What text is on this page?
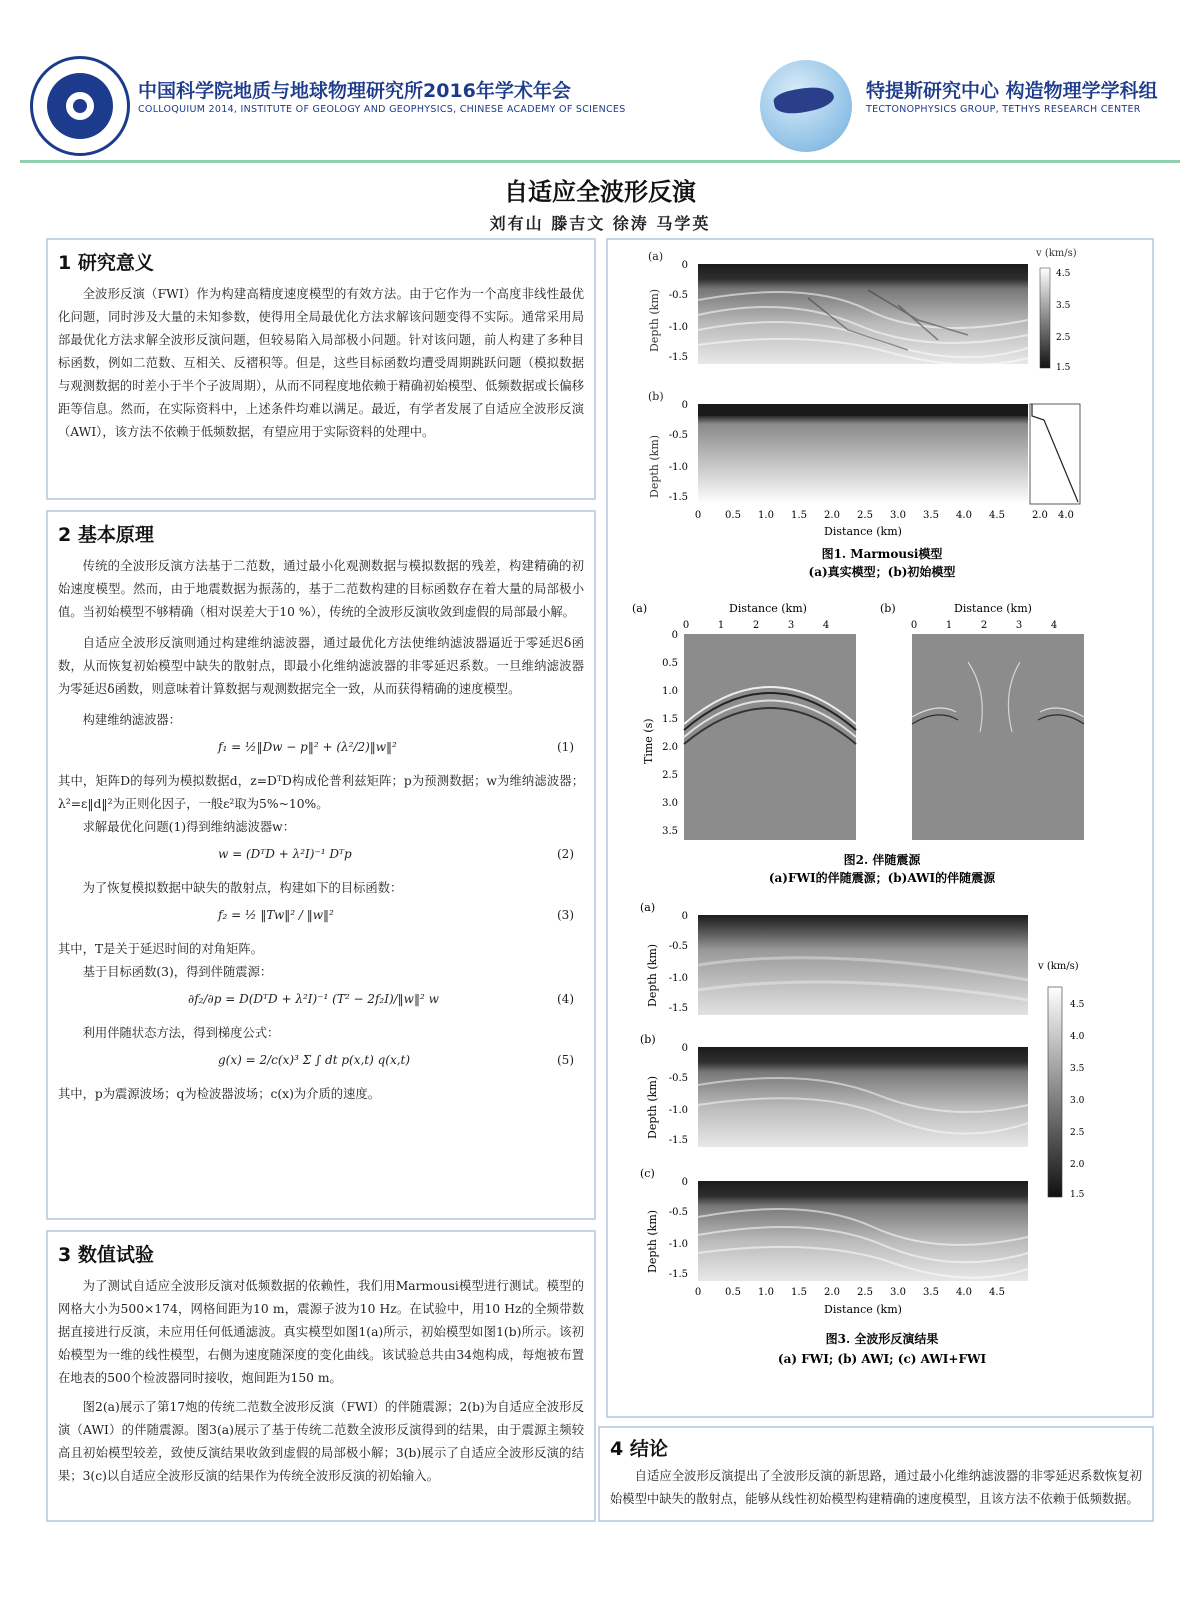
中国科学院地质与地球物理研究所2016年学术年会
COLLOQUIUM 2014, INSTITUTE OF GEOLOGY AND GEOPHYSICS, CHINESE ACADEMY OF SCIENCES
特提斯研究中心 构造物理学学科组
TECTONOPHYSICS GROUP, TETHYS RESEARCH CENTER
自适应全波形反演
刘有山 滕吉文 徐涛 马学英
1 研究意义
全波形反演（FWI）作为构建高精度速度模型的有效方法。由于它作为一个高度非线性最优化问题，同时涉及大量的未知参数，使得用全局最优化方法求解该问题变得不实际。通常采用局部最优化方法求解全波形反演问题，但较易陷入局部极小问题。针对该问题，前人构建了多种目标函数，例如二范数、互相关、反褶积等。但是，这些目标函数均遭受周期跳跃问题（模拟数据与观测数据的时差小于半个子波周期），从而不同程度地依赖于精确初始模型、低频数据或长偏移距等信息。然而，在实际资料中，上述条件均难以满足。最近，有学者发展了自适应全波形反演（AWI），该方法不依赖于低频数据，有望应用于实际资料的处理中。
2 基本原理
传统的全波形反演方法基于二范数，通过最小化观测数据与模拟数据的残差，构建精确的初始速度模型。然而，由于地震数据为振荡的，基于二范数构建的目标函数存在着大量的局部极小值。当初始模型不够精确（相对误差大于10 %），传统的全波形反演收敛到虚假的局部最小解。
自适应全波形反演则通过构建维纳滤波器，通过最优化方法使维纳滤波器逼近于零延迟δ函数，从而恢复初始模型中缺失的散射点，即最小化维纳滤波器的非零延迟系数。一旦维纳滤波器为零延迟δ函数，则意味着计算数据与观测数据完全一致，从而获得精确的速度模型。
构建维纳滤波器：
f₁ = ½‖Dw − p‖² + (λ²/2)‖w‖²	(1)
其中，矩阵D的每列为模拟数据d，z=DᵀD构成伦普利兹矩阵；p为预测数据；w为维纳滤波器；λ²=ε‖d‖²为正则化因子，一般ε²取为5%~10%。
求解最优化问题(1)得到维纳滤波器w：
w = (DᵀD + λ²I)⁻¹ Dᵀp	(2)
为了恢复模拟数据中缺失的散射点，构建如下的目标函数：
f₂ = ½ ‖Tw‖² / ‖w‖²	(3)
其中，T是关于延迟时间的对角矩阵。
基于目标函数(3)，得到伴随震源：
∂f₂/∂p = D(DᵀD + λ²I)⁻¹ (T² − 2f₂I)/‖w‖² w	(4)
利用伴随状态方法，得到梯度公式：
g(x) = 2/c(x)³ Σ ∫ dt p(x,t) q(x,t)	(5)
其中，p为震源波场；q为检波器波场；c(x)为介质的速度。
3 数值试验
为了测试自适应全波形反演对低频数据的依赖性，我们用Marmousi模型进行测试。模型的网格大小为500×174，网格间距为10 m，震源子波为10 Hz。在试验中，用10 Hz的全频带数据直接进行反演，未应用任何低通滤波。真实模型如图1(a)所示，初始模型如图1(b)所示。该初始模型为一维的线性模型，右侧为速度随深度的变化曲线。该试验总共由34炮构成，每炮被布置在地表的500个检波器同时接收，炮间距为150 m。
图2(a)展示了第17炮的传统二范数全波形反演（FWI）的伴随震源；2(b)为自适应全波形反演（AWI）的伴随震源。图3(a)展示了基于传统二范数全波形反演得到的结果，由于震源主频较高且初始模型较差，致使反演结果收敛到虚假的局部极小解；3(b)展示了自适应全波形反演的结果；3(c)以自适应全波形反演的结果作为传统全波形反演的初始输入。
(a)
Depth (km)
0
-0.5
-1.0
-1.5
v (km/s)
4.5
3.5
2.5
1.5
(b)
Depth (km)
0
-0.5
-1.0
-1.5
2.0 4.0
0 0.5 1.0 1.5 2.0 2.5 3.0 3.5 4.0 4.5
Distance (km)
图1. Marmousi模型
(a)真实模型；(b)初始模型
(a)	(b)
Distance (km)	Distance (km)
Time (s)
0
0.5
1.0
1.5
2.0
2.5
3.0
3.5
0	1	2	3	4	0	1	2	3	4
图2. 伴随震源
(a)FWI的伴随震源；(b)AWI的伴随震源
(a)
Depth (km)
0
-0.5
-1.0
-1.5
(b)
Depth (km)
0
-0.5
-1.0
-1.5
(c)
Depth (km)
0
-0.5
-1.0
-1.5
v (km/s)
4.5
4.0
3.5
3.0
2.5
2.0
1.5
0 0.5 1.0 1.5 2.0 2.5 3.0 3.5 4.0 4.5
Distance (km)
图3. 全波形反演结果
(a) FWI; (b) AWI; (c) AWI+FWI
4 结论
自适应全波形反演提出了全波形反演的新思路，通过最小化维纳滤波器的非零延迟系数恢复初始模型中缺失的散射点，能够从线性初始模型构建精确的速度模型，且该方法不依赖于低频数据。
